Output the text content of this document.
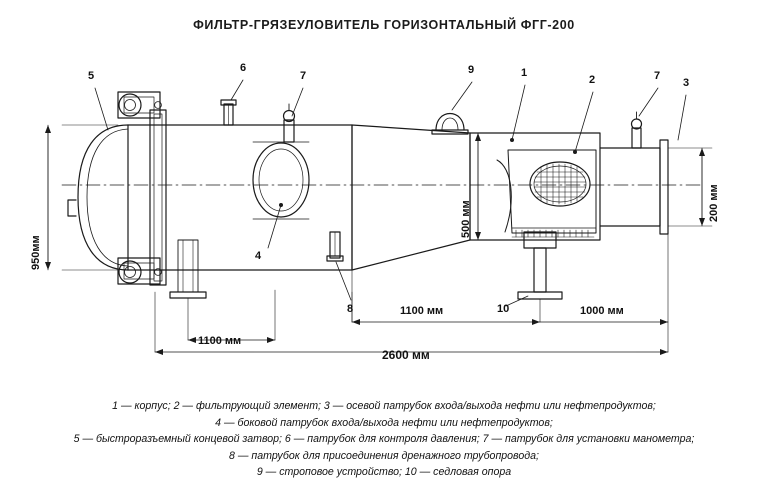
ФИЛЬТР-ГРЯЗЕУЛОВИТЕЛЬ ГОРИЗОНТАЛЬНЫЙ ФГГ-200
5
6
7	9	1
2	7
3
4
8	10
950мм
500 мм	200 мм
1100 мм
1100 мм	1000 мм
2600 мм
1 — корпус; 2 — фильтрующий элемент; 3 — осевой патрубок входа/выхода нефти или нефтепродуктов;
4 — боковой патрубок входа/выхода нефти или нефтепродуктов;
5 — быстроразъемный концевой затвор; 6 — патрубок для контроля давления; 7 — патрубок для установки манометра;
8 — патрубок для присоединения дренажного трубопровода;
9 — строповое устройство; 10 — седловая опора
